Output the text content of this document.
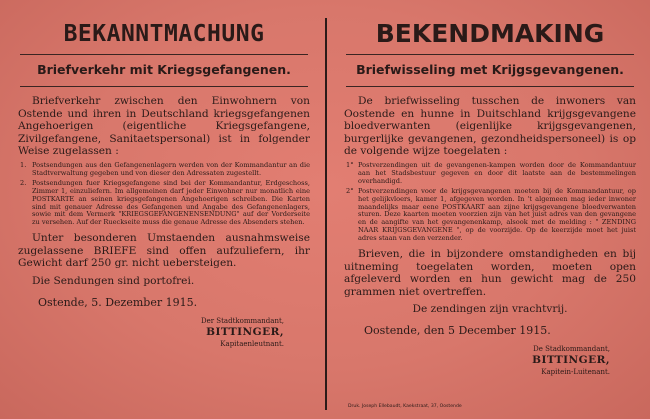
BEKANNTMACHUNG
Briefverkehr mit Kriegsgefangenen.

Briefverkehr zwischen den Einwohnern von Ostende und ihren in Deutschland kriegsgefangenen Angehoerigen (eigentliche Kriegsgefangene, Zivilgefangene, Sanitaetspersonal) ist in folgender Weise zugelassen :

1. Postsendungen aus den Gefangenenlagern werden von der Kommandantur an die Stadtverwaltung gegeben und von dieser den Adressaten zugestellt.
2. Postsendungen fuer Kriegsgefangene sind bei der Kommandantur, Erdgeschoss, Zimmer 1, einzuliefern. Im allgemeinen darf jeder Einwohner nur monatlich eine POSTKARTE an seinen kriegsgefangenen Angehoerigen schreiben. Die Karten sind mit genauer Adresse des Gefangenen und Angabe des Gefangenenlagers, sowie mit dem Vermerk "KRIEGSGEFANGENENSENDUNG" auf der Vorderseite zu versehen. Auf der Rueckseite muss die genaue Adresse des Absenders stehen.

Unter besonderen Umstaenden ausnahmsweise zugelassene BRIEFE sind offen aufzuliefern, ihr Gewicht darf 250 gr. nicht uebersteigen.

Die Sendungen sind portofrei.

Ostende, 5. Dezember 1915.
Der Stadtkommandant,
BITTINGER,
Kapitaenleutnant.
BEKENDMAKING
Briefwisseling met Krijgsgevangenen.

De briefwisseling tusschen de inwoners van Oostende en hunne in Duitschland krijgsgevangene bloedverwanten (eigenlijke krijgsgevangenen, burgerlijke gevangenen, gezondheidspersoneel) is op de volgende wijze toegelaten :

1° Postverzendingen uit de gevangenen-kampen worden door de Kommandantuur aan het Stadsbestuur gegeven en door dit laatste aan de bestemmelingen overhandigd.
2° Postverzendingen voor de krijgsgevangenen moeten bij de Kommandantuur, op het gelijkvloers, kamer 1, afgegeven worden. In 't algemeen mag ieder inwoner maandelijks maar eene POSTKAART aan zijne krijgsgevangene bloedverwanten sturen. Deze kaarten moeten voorzien zijn van het juist adres van den gevangene en de aangifte van het gevangenenkamp, alsook met de melding : " ZENDING NAAR KRIJGSGEVANGENE ", op de voorzijde. Op de keerzijde moet het juist adres staan van den verzender.

Brieven, die in bijzondere omstandigheden en bij uitneming toegelaten worden, moeten open afgeleverd worden en hun gewicht mag de 250 grammen niet overtreffen.

De zendingen zijn vrachtvrij.

Oostende, den 5 December 1915.
De Stadkommandant,
BITTINGER,
Kapitein-Luitenant.
Druk. Joseph Ellebaudt, Kaekstraat, 37, Oostende
